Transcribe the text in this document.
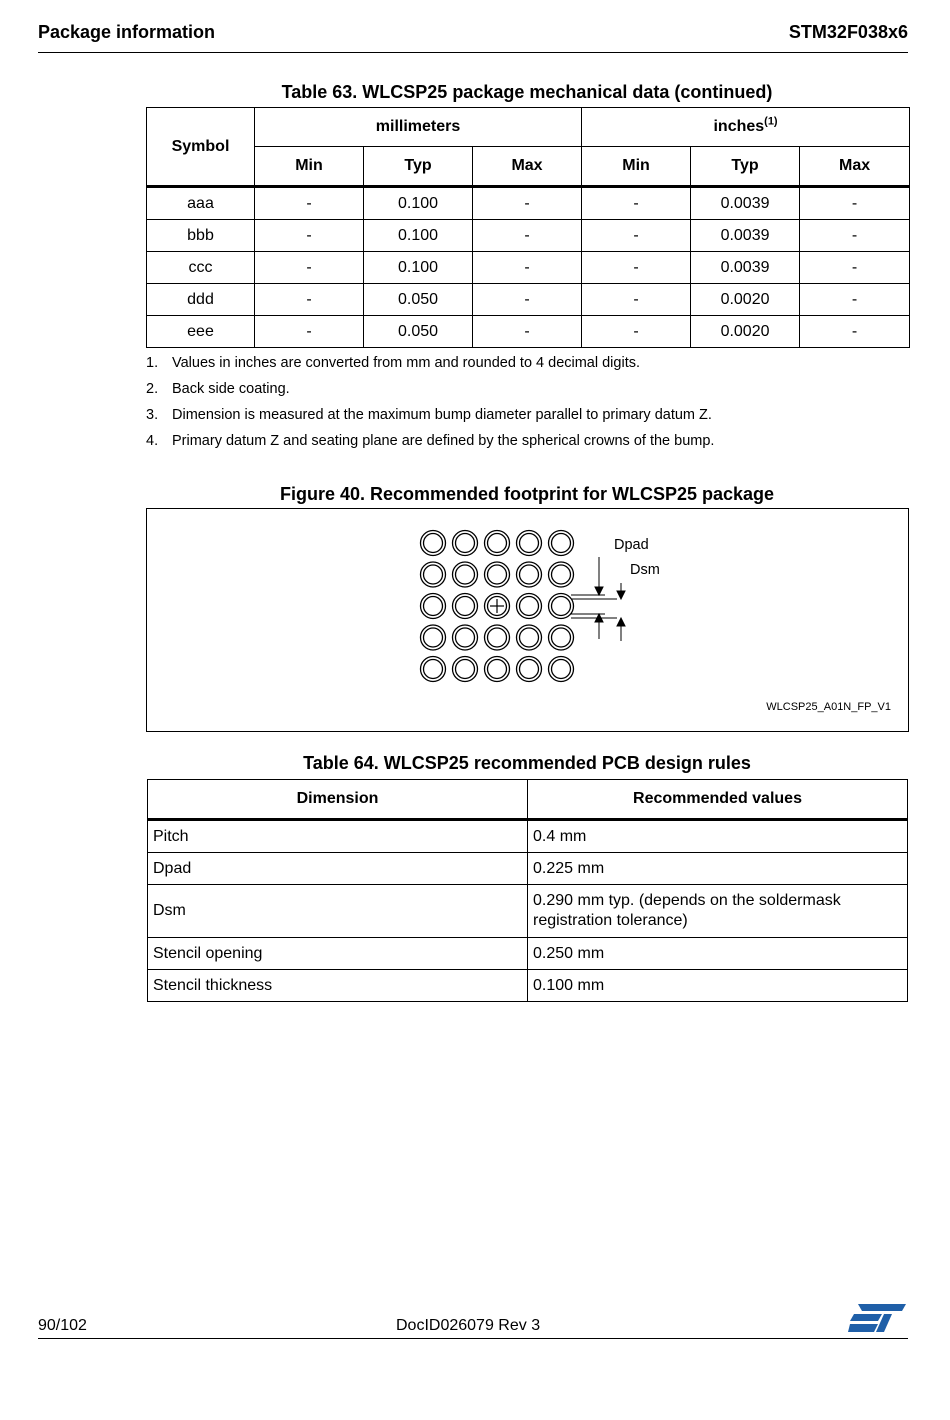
Package information	STM32F038x6
Table 63. WLCSP25 package mechanical data (continued)
Symbol	millimeters			inches$^{(1)}$
	Min	Typ	Max	Min	Typ	Max
aaa	-	0.100	-	-	0.0039	-
bbb	-	0.100	-	-	0.0039	-
ccc	-	0.100	-	-	0.0039	-
ddd	-	0.050	-	-	0.0020	-
eee	-	0.050	-	-	0.0020	-
1. Values in inches are converted from mm and rounded to 4 decimal digits.
2. Back side coating.
3. Dimension is measured at the maximum bump diameter parallel to primary datum Z.
4. Primary datum Z and seating plane are defined by the spherical crowns of the bump.
Figure 40. Recommended footprint for WLCSP25 package
Dpad
Dsm
WLCSP25_A01N_FP_V1
Table 64. WLCSP25 recommended PCB design rules
Dimension	Recommended values
Pitch	0.4 mm
Dpad	0.225 mm
Dsm	0.290 mm typ. (depends on the soldermask registration tolerance)
Stencil opening	0.250 mm
Stencil thickness	0.100 mm
90/102	DocID026079 Rev 3
